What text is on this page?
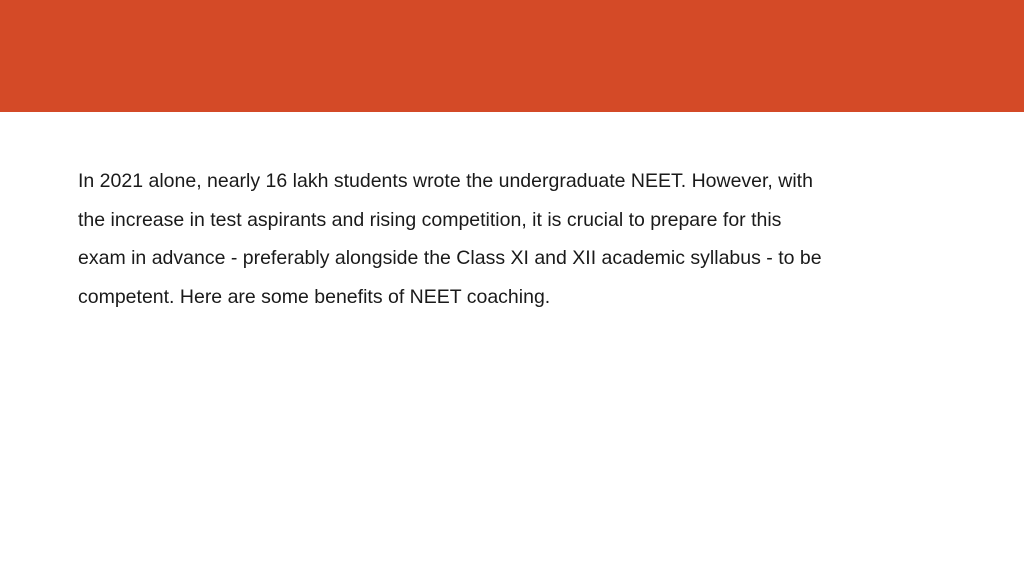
In 2021 alone, nearly 16 lakh students wrote the undergraduate NEET. However, with
the increase in test aspirants and rising competition, it is crucial to prepare for this
exam in advance - preferably alongside the Class XI and XII academic syllabus - to be
competent. Here are some benefits of NEET coaching.
